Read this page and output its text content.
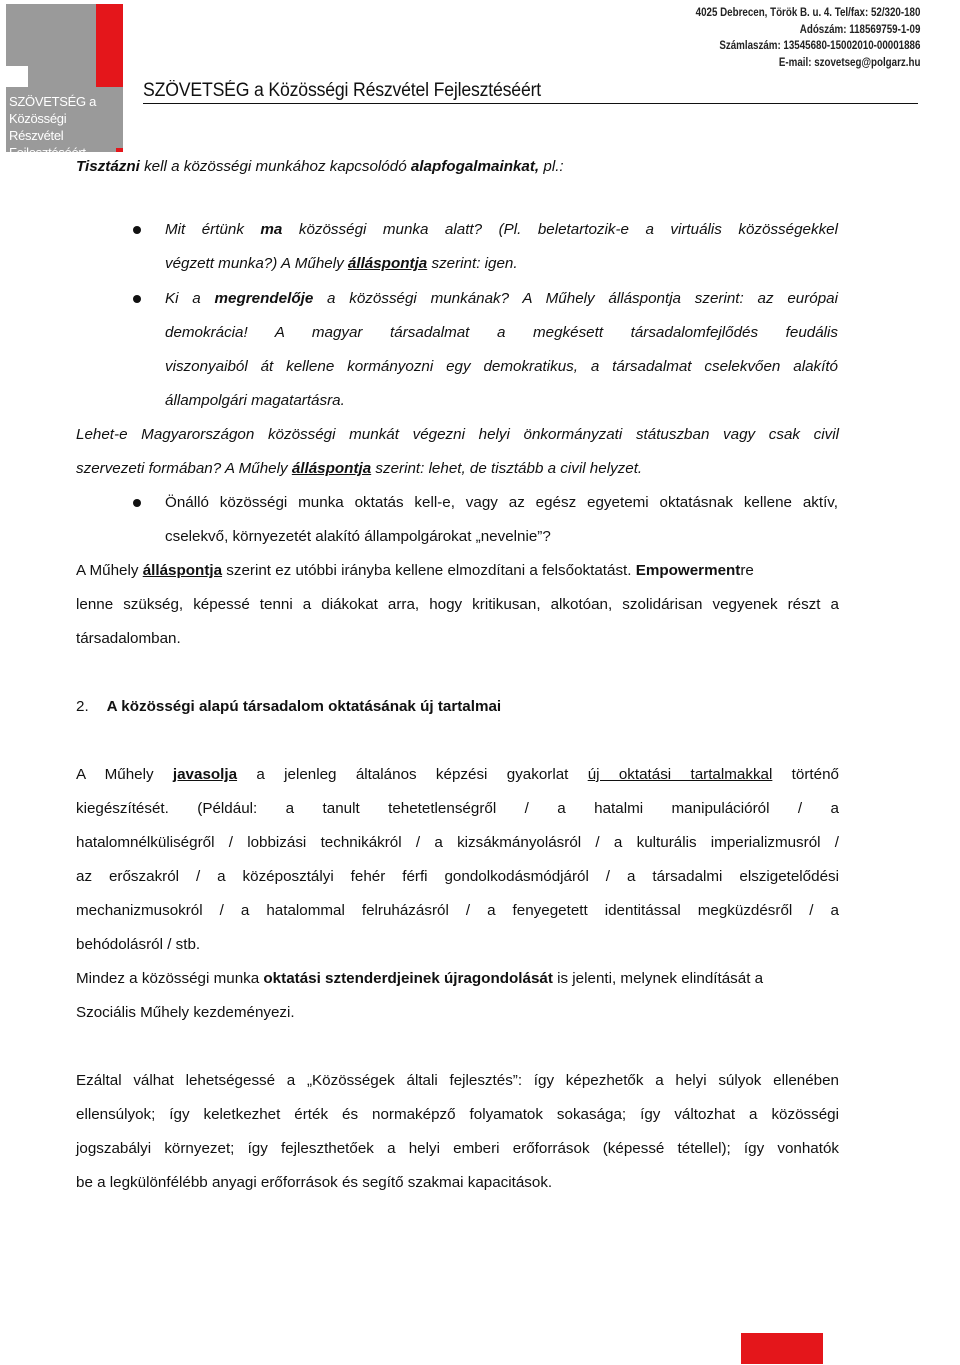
SZÖVETSÉG a
Közösségi Részvétel
Fejlesztéséért
SZÖVETSÉG a Közösségi Részvétel Fejlesztéséért
4025 Debrecen, Török B. u. 4. Tel/fax: 52/320-180
Adószám: 118569759-1-09
Számlaszám: 13545680-15002010-00001886
E-mail: szovetseg@polgarz.hu
Tisztázni kell a közösségi munkához kapcsolódó alapfogalmainkat, pl.:
Mit értünk ma közösségi munka alatt? (Pl. beletartozik-e a virtuális közösségekkel
végzett munka?) A Műhely álláspontja szerint: igen.
Ki a megrendelője a közösségi munkának? A Műhely álláspontja szerint: az európai
demokrácia! A magyar társadalmat a megkésett társadalomfejlődés feudális
viszonyaiból át kellene kormányozni egy demokratikus, a társadalmat cselekvően alakító
állampolgári magatartásra.
Lehet-e Magyarországon közösségi munkát végezni helyi önkormányzati státuszban vagy csak civil
szervezeti formában? A Műhely álláspontja szerint: lehet, de tisztább a civil helyzet.
Önálló közösségi munka oktatás kell-e, vagy az egész egyetemi oktatásnak kellene aktív,
cselekvő, környezetét alakító állampolgárokat „nevelnie”?
A Műhely álláspontja szerint ez utóbbi irányba kellene elmozdítani a felsőoktatást. Empowermentre
lenne szükség, képessé tenni a diákokat arra, hogy kritikusan, alkotóan, szolidárisan vegyenek részt a
társadalomban.
2. A közösségi alapú társadalom oktatásának új tartalmai
A Műhely javasolja a jelenleg általános képzési gyakorlat új oktatási tartalmakkal történő
kiegészítését. (Például: a tanult tehetetlenségről / a hatalmi manipulációról / a
hatalomnélküliségről / lobbizási technikákról / a kizsákmányolásról / a kulturális imperializmusról /
az erőszakról / a középosztályi fehér férfi gondolkodásmódjáról / a társadalmi elszigetelődési
mechanizmusokról / a hatalommal felruházásról / a fenyegetett identitással megküzdésről / a
behódolásról / stb.
Mindez a közösségi munka oktatási sztenderdjeinek újragondolását is jelenti, melynek elindítását a
Szociális Műhely kezdeményezi.
Ezáltal válhat lehetségessé a „Közösségek általi fejlesztés”: így képezhetők a helyi súlyok ellenében
ellensúlyok; így keletkezhet érték és normaképző folyamatok sokasága; így változhat a közösségi
jogszabályi környezet; így fejleszthetőek a helyi emberi erőforrások (képessé tétellel); így vonhatók
be a legkülönfélébb anyagi erőforrások és segítő szakmai kapacitások.
